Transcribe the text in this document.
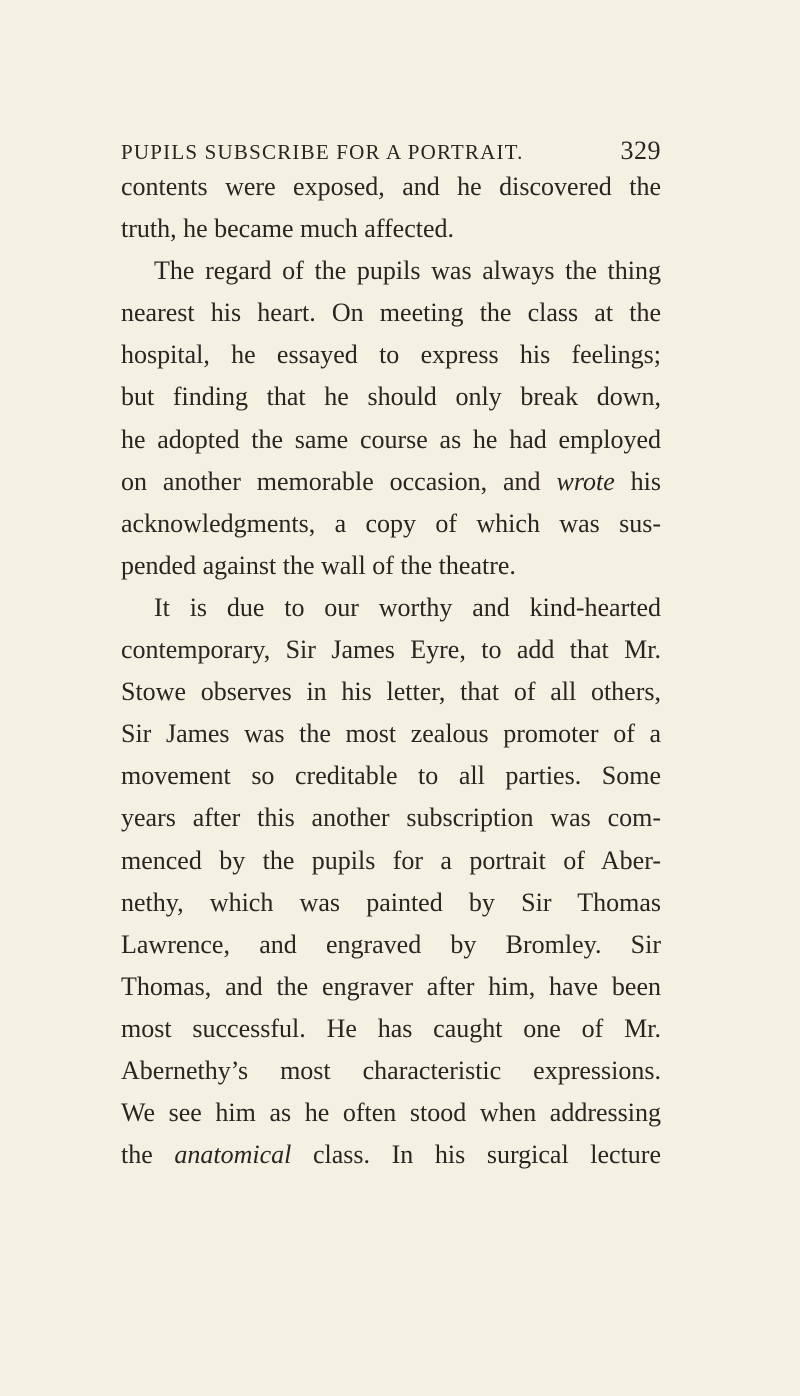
PUPILS SUBSCRIBE FOR A PORTRAIT.	329
contents were exposed, and he discovered the
truth, he became much affected.
The regard of the pupils was always the thing
nearest his heart. On meeting the class at the
hospital, he essayed to express his feelings;
but finding that he should only break down,
he adopted the same course as he had employed
on another memorable occasion, and wrote his
acknowledgments, a copy of which was sus-
pended against the wall of the theatre.
It is due to our worthy and kind-hearted
contemporary, Sir James Eyre, to add that Mr.
Stowe observes in his letter, that of all others,
Sir James was the most zealous promoter of a
movement so creditable to all parties. Some
years after this another subscription was com-
menced by the pupils for a portrait of Aber-
nethy, which was painted by Sir Thomas
Lawrence, and engraved by Bromley. Sir
Thomas, and the engraver after him, have been
most successful. He has caught one of Mr.
Abernethy’s most characteristic expressions.
We see him as he often stood when addressing
the anatomical class. In his surgical lecture
